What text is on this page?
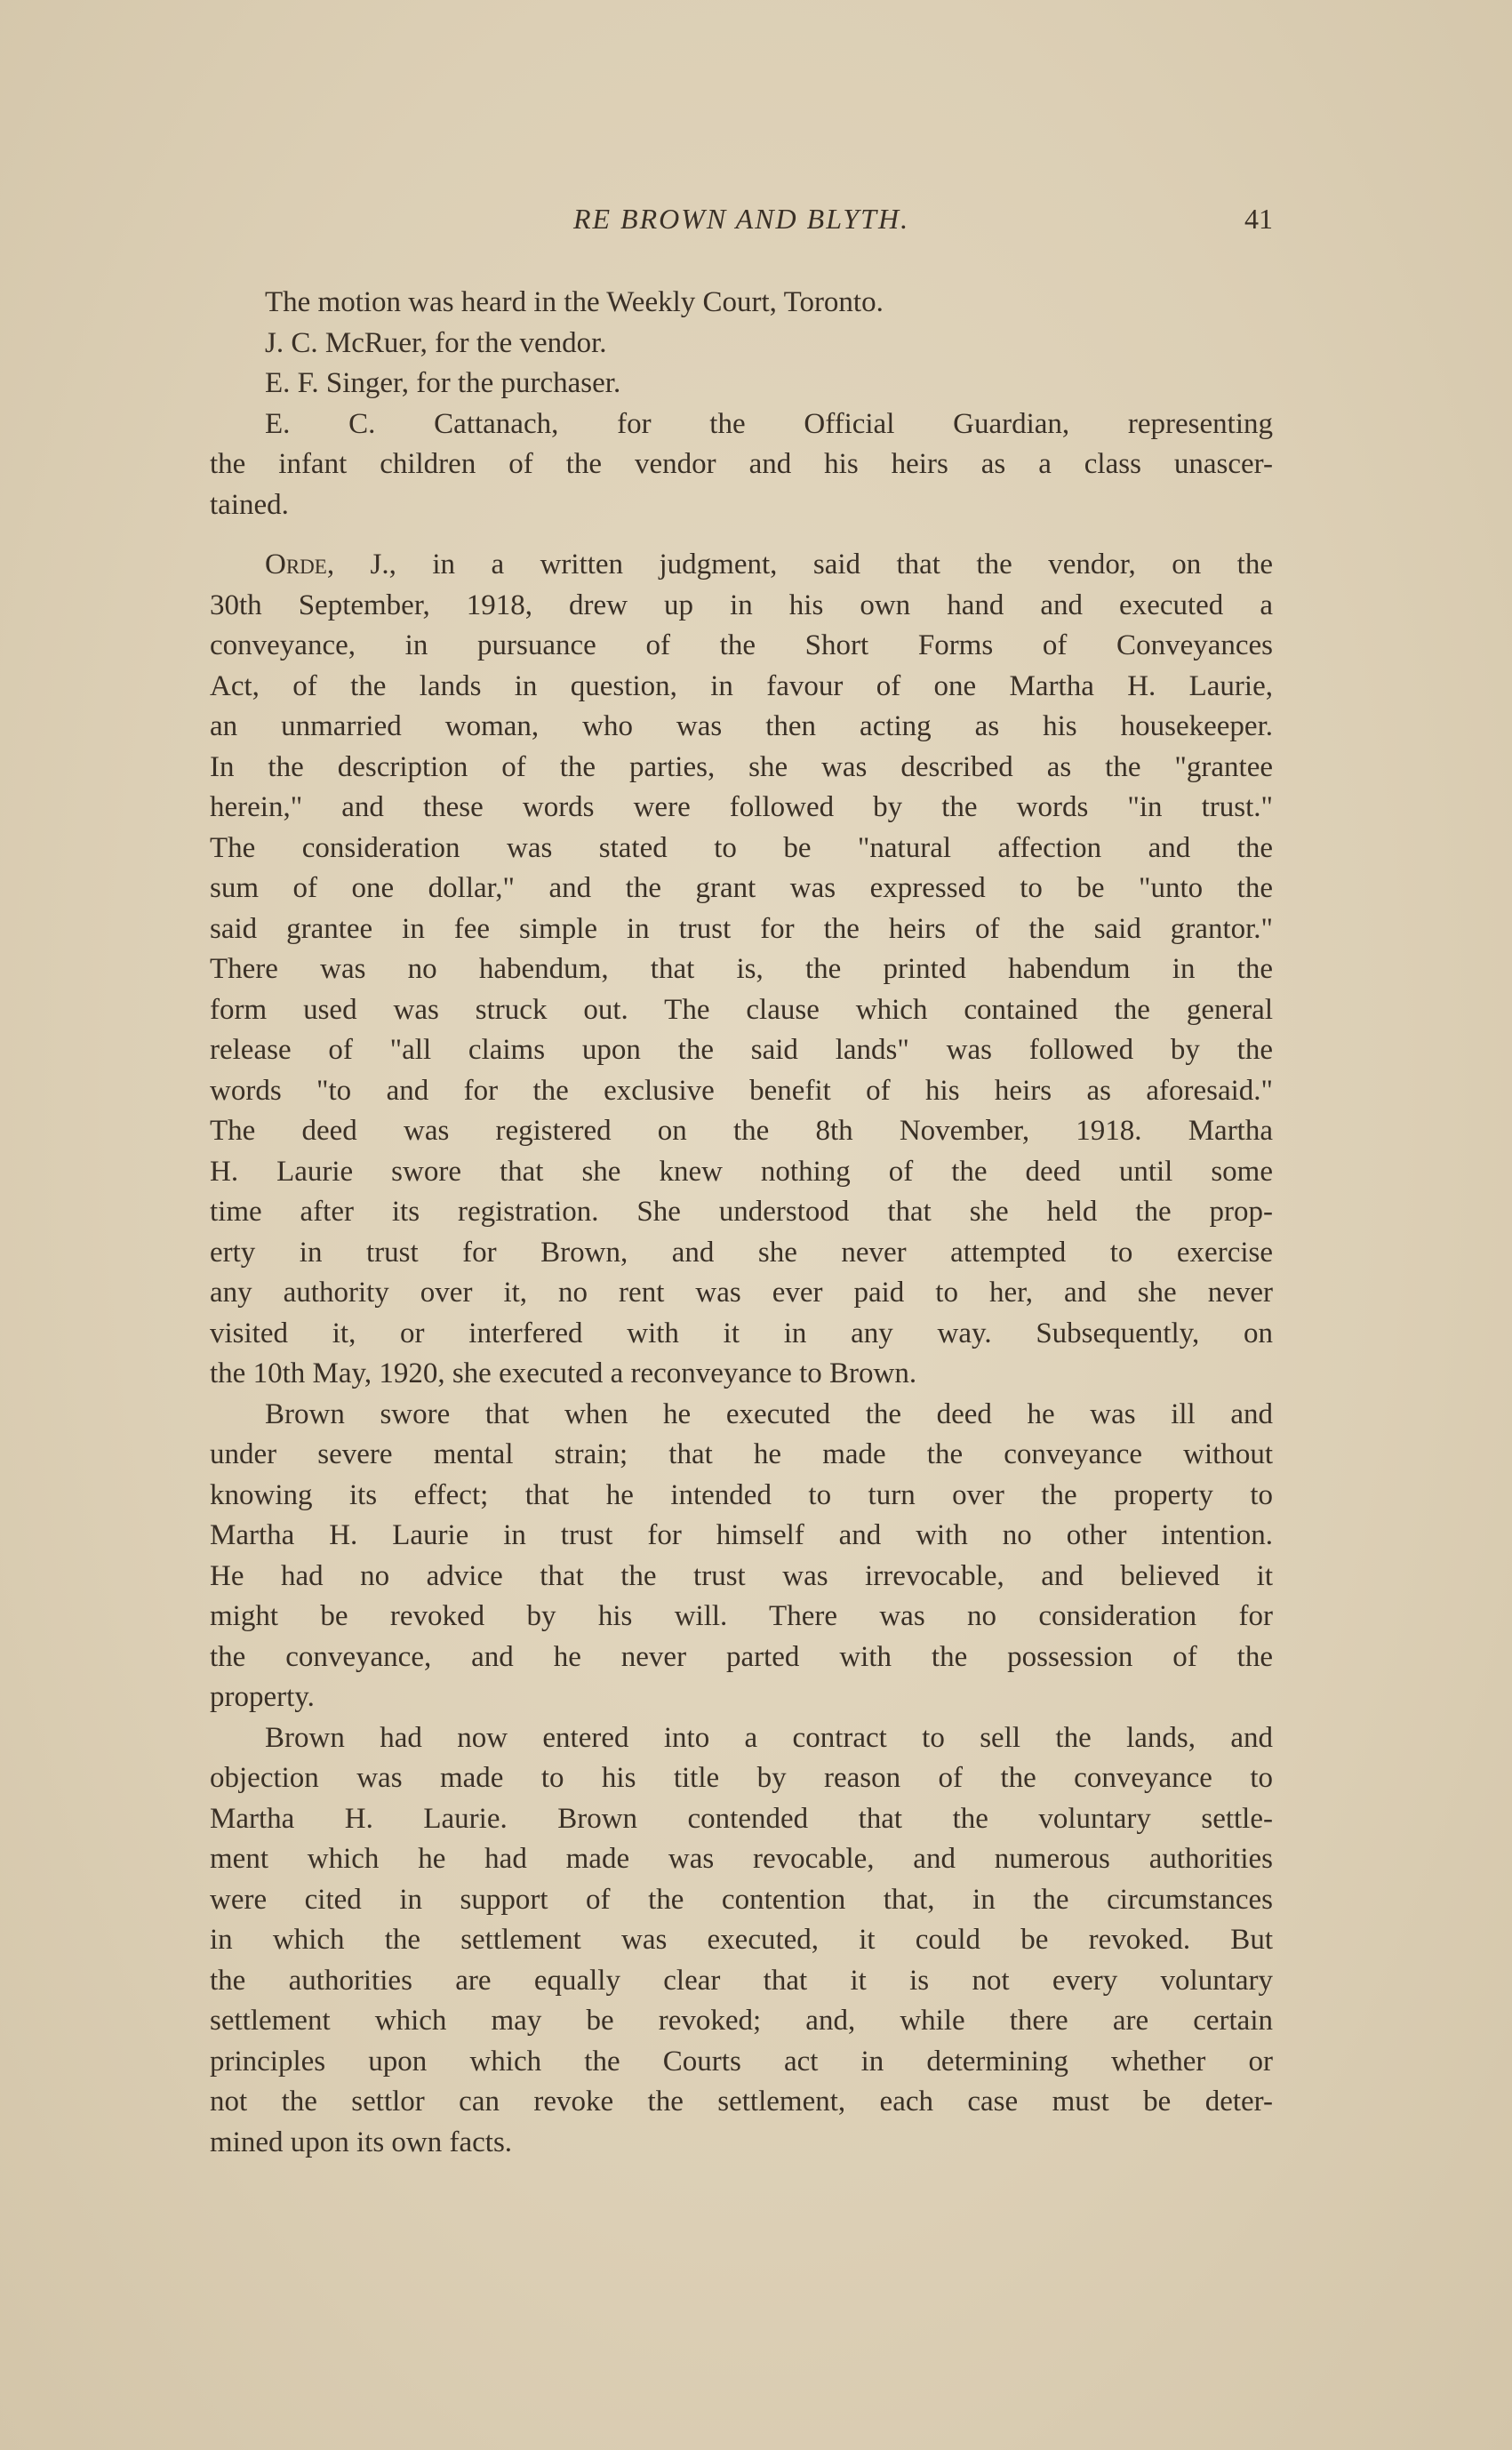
RE BROWN AND BLYTH.	41
The motion was heard in the Weekly Court, Toronto.
J. C. McRuer, for the vendor.
E. F. Singer, for the purchaser.
E. C. Cattanach, for the Official Guardian, representing
the infant children of the vendor and his heirs as a class unascer-
tained.
Orde, J., in a written judgment, said that the vendor, on the
30th September, 1918, drew up in his own hand and executed a
conveyance, in pursuance of the Short Forms of Conveyances
Act, of the lands in question, in favour of one Martha H. Laurie,
an unmarried woman, who was then acting as his housekeeper.
In the description of the parties, she was described as the "grantee
herein," and these words were followed by the words "in trust."
The consideration was stated to be "natural affection and the
sum of one dollar," and the grant was expressed to be "unto the
said grantee in fee simple in trust for the heirs of the said grantor."
There was no habendum, that is, the printed habendum in the
form used was struck out. The clause which contained the general
release of "all claims upon the said lands" was followed by the
words "to and for the exclusive benefit of his heirs as aforesaid."
The deed was registered on the 8th November, 1918. Martha
H. Laurie swore that she knew nothing of the deed until some
time after its registration. She understood that she held the prop-
erty in trust for Brown, and she never attempted to exercise
any authority over it, no rent was ever paid to her, and she never
visited it, or interfered with it in any way. Subsequently, on
the 10th May, 1920, she executed a reconveyance to Brown.
Brown swore that when he executed the deed he was ill and
under severe mental strain; that he made the conveyance without
knowing its effect; that he intended to turn over the property to
Martha H. Laurie in trust for himself and with no other intention.
He had no advice that the trust was irrevocable, and believed it
might be revoked by his will. There was no consideration for
the conveyance, and he never parted with the possession of the
property.
Brown had now entered into a contract to sell the lands, and
objection was made to his title by reason of the conveyance to
Martha H. Laurie. Brown contended that the voluntary settle-
ment which he had made was revocable, and numerous authorities
were cited in support of the contention that, in the circumstances
in which the settlement was executed, it could be revoked. But
the authorities are equally clear that it is not every voluntary
settlement which may be revoked; and, while there are certain
principles upon which the Courts act in determining whether or
not the settlor can revoke the settlement, each case must be deter-
mined upon its own facts.
